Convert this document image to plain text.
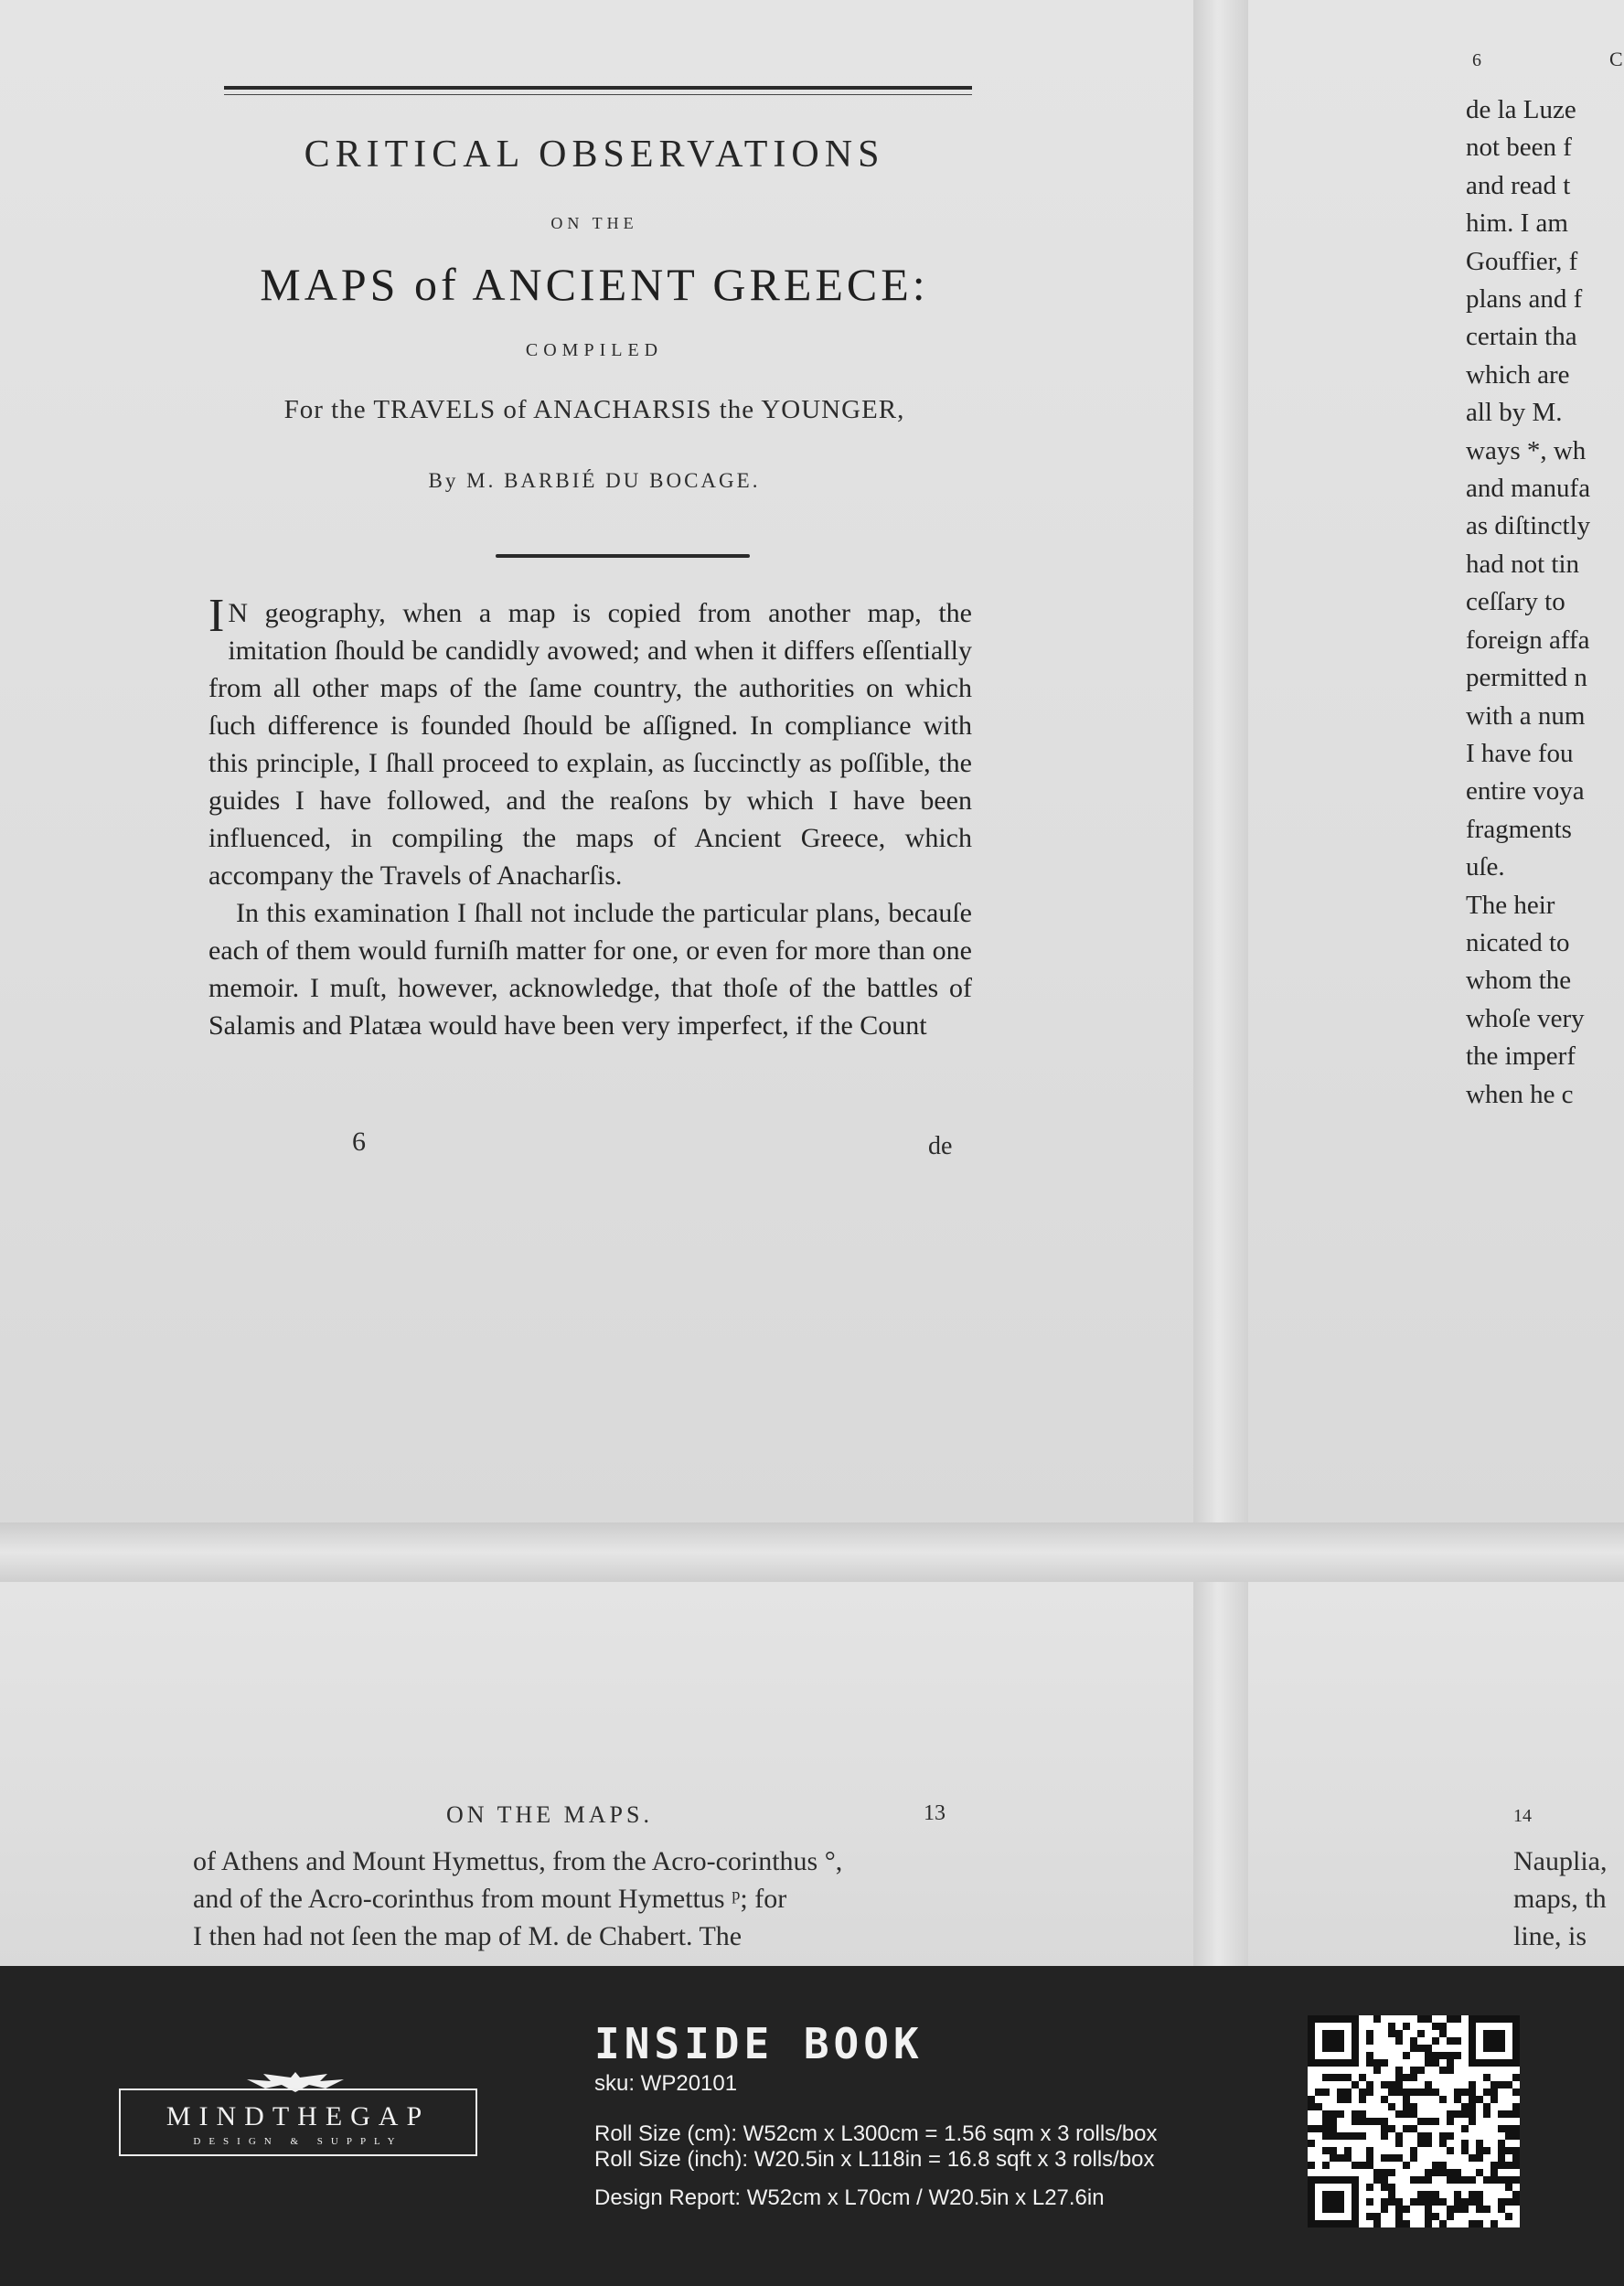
CRITICAL OBSERVATIONS
ON THE
MAPS of ANCIENT GREECE:
COMPILED
For the TRAVELS of ANACHARSIS the YOUNGER,
By M. BARBIÉ DU BOCAGE.

I N geography, when a map is copied from another map, the imitation ſhould be candidly avowed; and when it differs eſſentially from all other maps of the ſame country, the authorities on which ſuch difference is founded ſhould be aſſigned. In compliance with this principle, I ſhall proceed to explain, as ſuccinctly as poſſible, the guides I have followed, and the reaſons by which I have been influenced, in compiling the maps of Ancient Greece, which accompany the Travels of Anacharſis.

In this examination I ſhall not include the particular plans, becauſe each of them would furniſh matter for one, or even for more than one memoir. I muſt, however, acknowledge, that thoſe of the battles of Salamis and Platæa would have been very imperfect, if the Count

6	de
6	C
de la Luze
not been f
and read t
him. I am
Gouffier, f
plans and f
certain tha
which are
all by M.
ways *, wh
and manufa
as diſtinctly
had not tin
ceſſary to
foreign affa
permitted n
with a num
I have fou
entire voya
fragments
uſe.
The heir
nicated to
whom the
whoſe very
the imperf
when he c
ON THE MAPS.	13
of Athens and Mount Hymettus, from the Acro-corinthus °,
and of the Acro-corinthus from mount Hymettus ᵖ; for
I then had not ſeen the map of M. de Chabert. The
14
Nauplia,
maps, th
line, is
MINDTHEGAP
DESIGN & SUPPLY
INSIDE BOOK
sku: WP20101
Roll Size (cm): W52cm x L300cm = 1.56 sqm x 3 rolls/box
Roll Size (inch): W20.5in x L118in = 16.8 sqft x 3 rolls/box
Design Report: W52cm x L70cm / W20.5in x L27.6in
